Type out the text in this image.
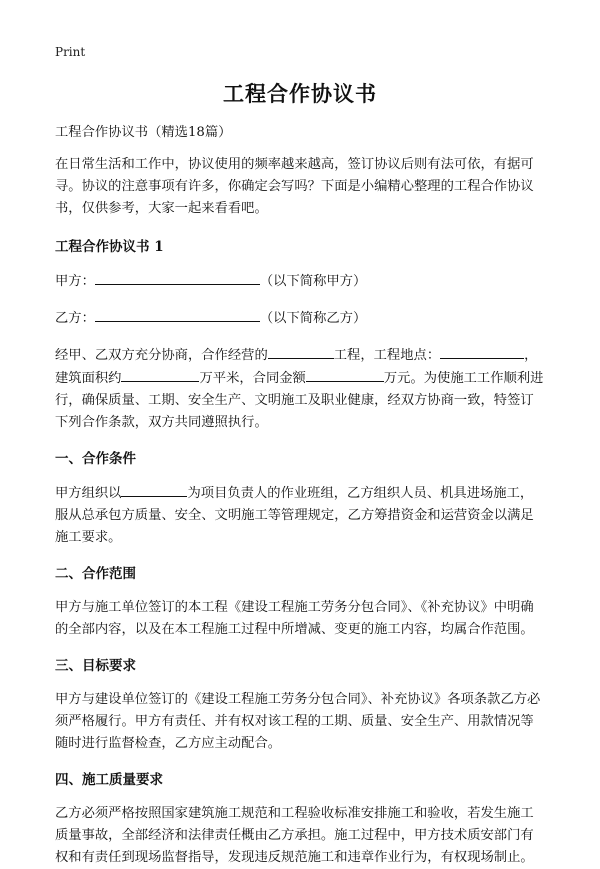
Print
工程合作协议书

工程合作协议书（精选18篇）

在日常生活和工作中，协议使用的频率越来越高，签订协议后则有法可依，有据可寻。协议的注意事项有许多，你确定会写吗？下面是小编精心整理的工程合作协议书，仅供参考，大家一起来看看吧。

工程合作协议书 1

甲方：	（以下简称甲方）

乙方：	（以下简称乙方）

经甲、乙双方充分协商，合作经营的	工程，工程地点：	，建筑面积约	万平米，合同金额	万元。为使施工工作顺利进行，确保质量、工期、安全生产、文明施工及职业健康，经双方协商一致，特签订下列合作条款，双方共同遵照执行。

一、合作条件

甲方组织以	为项目负责人的作业班组，乙方组织人员、机具进场施工，服从总承包方质量、安全、文明施工等管理规定，乙方筹措资金和运营资金以满足施工要求。

二、合作范围

甲方与施工单位签订的本工程《建设工程施工劳务分包合同》、《补充协议》中明确的全部内容，以及在本工程施工过程中所增减、变更的施工内容，均属合作范围。

三、目标要求

甲方与建设单位签订的《建设工程施工劳务分包合同》、补充协议》各项条款乙方必须严格履行。甲方有责任、并有权对该工程的工期、质量、安全生产、用款情况等随时进行监督检查，乙方应主动配合。

四、施工质量要求

乙方必须严格按照国家建筑施工规范和工程验收标准安排施工和验收，若发生施工质量事故，全部经济和法律责任概由乙方承担。施工过程中，甲方技术质安部门有权和有责任到现场监督指导，发现违反规范施工和违章作业行为，有权现场制止。
